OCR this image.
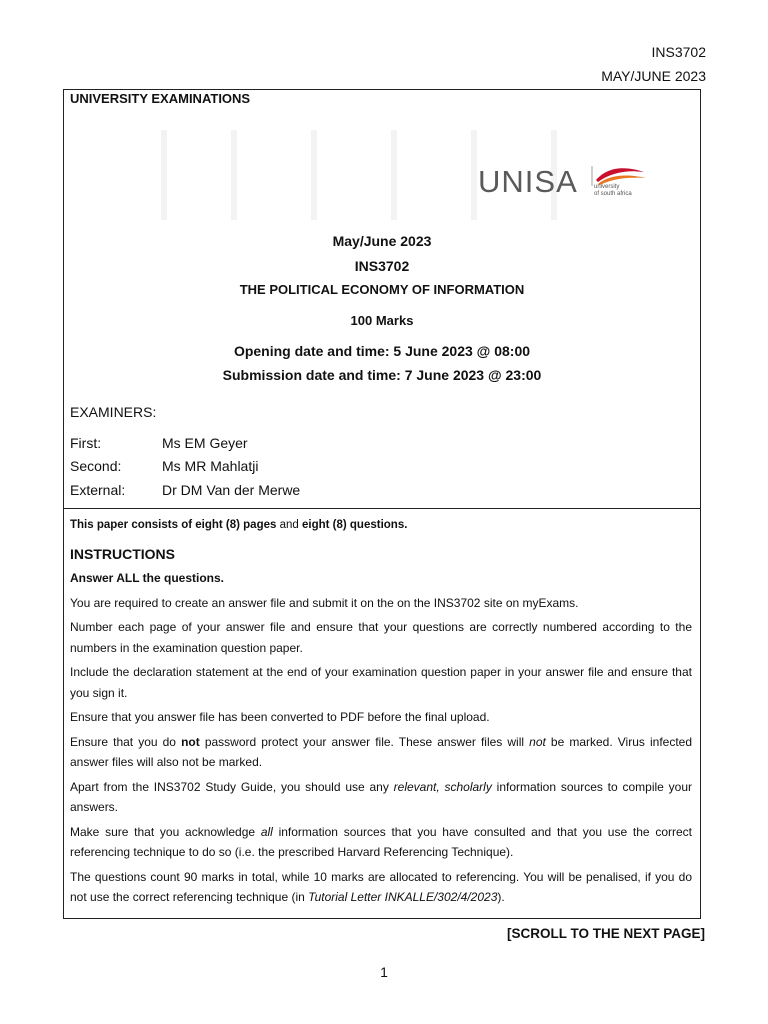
INS3702
MAY/JUNE 2023
UNIVERSITY EXAMINATIONS
UNISA	university
of south africa
May/June 2023
INS3702
THE POLITICAL ECONOMY OF INFORMATION
100 Marks
Opening date and time: 5 June 2023 @ 08:00
Submission date and time: 7 June 2023 @ 23:00
EXAMINERS:
First:	Ms EM Geyer
Second:	Ms MR Mahlatji
External:	Dr DM Van der Merwe

This paper consists of eight (8) pages and eight (8) questions.

INSTRUCTIONS

Answer ALL the questions.

You are required to create an answer file and submit it on the on the INS3702 site on myExams.

Number each page of your answer file and ensure that your questions are correctly numbered according to the numbers in the examination question paper.

Include the declaration statement at the end of your examination question paper in your answer file and ensure that you sign it.

Ensure that you answer file has been converted to PDF before the final upload.

Ensure that you do not password protect your answer file. These answer files will not be marked. Virus infected answer files will also not be marked.

Apart from the INS3702 Study Guide, you should use any relevant, scholarly information sources to compile your answers.

Make sure that you acknowledge all information sources that you have consulted and that you use the correct referencing technique to do so (i.e. the prescribed Harvard Referencing Technique).

The questions count 90 marks in total, while 10 marks are allocated to referencing. You will be penalised, if you do not use the correct referencing technique (in Tutorial Letter INKALLE/302/4/2023).

[SCROLL TO THE NEXT PAGE]
1
